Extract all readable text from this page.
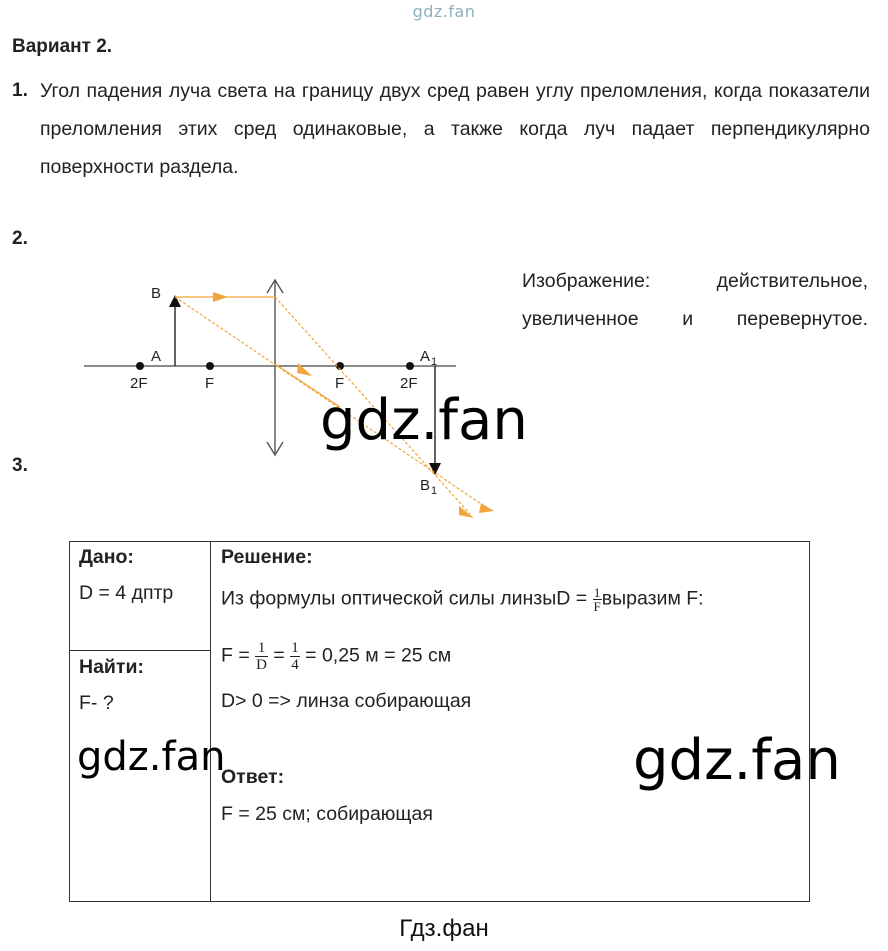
gdz.fan
Вариант 2.
1. Угол падения луча света на границу двух сред равен углу преломления, когда показатели преломления этих сред одинаковые, а также когда луч падает перпендикулярно поверхности раздела.
2.
B
A
2F	F	F	2F
A 1
B 1
Изображение: действительное,
увеличенное и перевернутое.
gdz.fan
3.
Дано:
D = 4 дптр
Найти:
F- ?
Решение:
Из формулы оптической силы линзыD = $\frac{1}{F}$ выразим F:
$F = \frac{1}{D} = \frac{1}{4} = 0,25$ м = 25 см
D> 0 => линза собирающая
Ответ:
F = 25 см; собирающая
gdz.fan	gdz.fan
Гдз.фан
